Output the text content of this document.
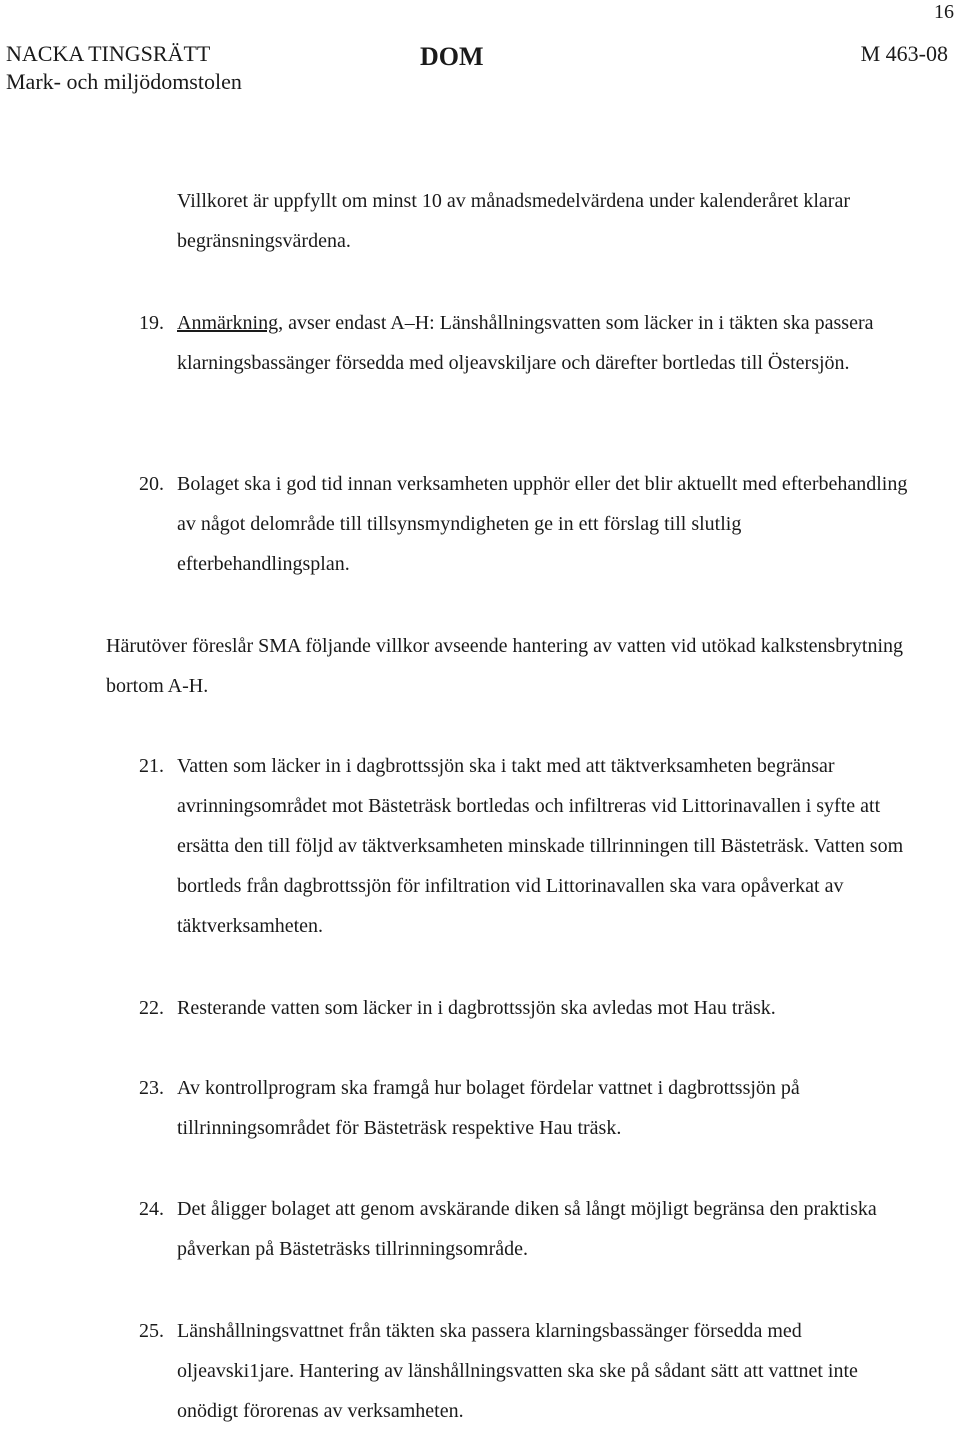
16
NACKA TINGSRÄTT
Mark- och miljödomstolen
DOM	M 463-08

Villkoret är uppfyllt om minst 10 av månadsmedelvärdena under kalenderåret klarar begränsningsvärdena.

19. Anmärkning, avser endast A–H: Länshållningsvatten som läcker in i täkten ska passera klarningsbassänger försedda med oljeavskiljare och därefter bortledas till Östersjön.
20. Bolaget ska i god tid innan verksamheten upphör eller det blir aktuellt med efterbehandling av något delområde till tillsynsmyndigheten ge in ett förslag till slutlig efterbehandlingsplan.

Härutöver föreslår SMA följande villkor avseende hantering av vatten vid utökad kalkstensbrytning bortom A-H.

21. Vatten som läcker in i dagbrottssjön ska i takt med att täktverksamheten begränsar avrinningsområdet mot Bästeträsk bortledas och infiltreras vid Littorinavallen i syfte att ersätta den till följd av täktverksamheten minskade tillrinningen till Bästeträsk. Vatten som bortleds från dagbrottssjön för infiltration vid Littorinavallen ska vara opåverkat av täktverksamheten.
22. Resterande vatten som läcker in i dagbrottssjön ska avledas mot Hau träsk.
23. Av kontrollprogram ska framgå hur bolaget fördelar vattnet i dagbrottssjön på tillrinningsområdet för Bästeträsk respektive Hau träsk.
24. Det åligger bolaget att genom avskärande diken så långt möjligt begränsa den praktiska påverkan på Bästeträsks tillrinningsområde.
25. Länshållningsvattnet från täkten ska passera klarningsbassänger försedda med oljeavski1jare. Hantering av länshållningsvatten ska ske på sådant sätt att vattnet inte onödigt förorenas av verksamheten.
